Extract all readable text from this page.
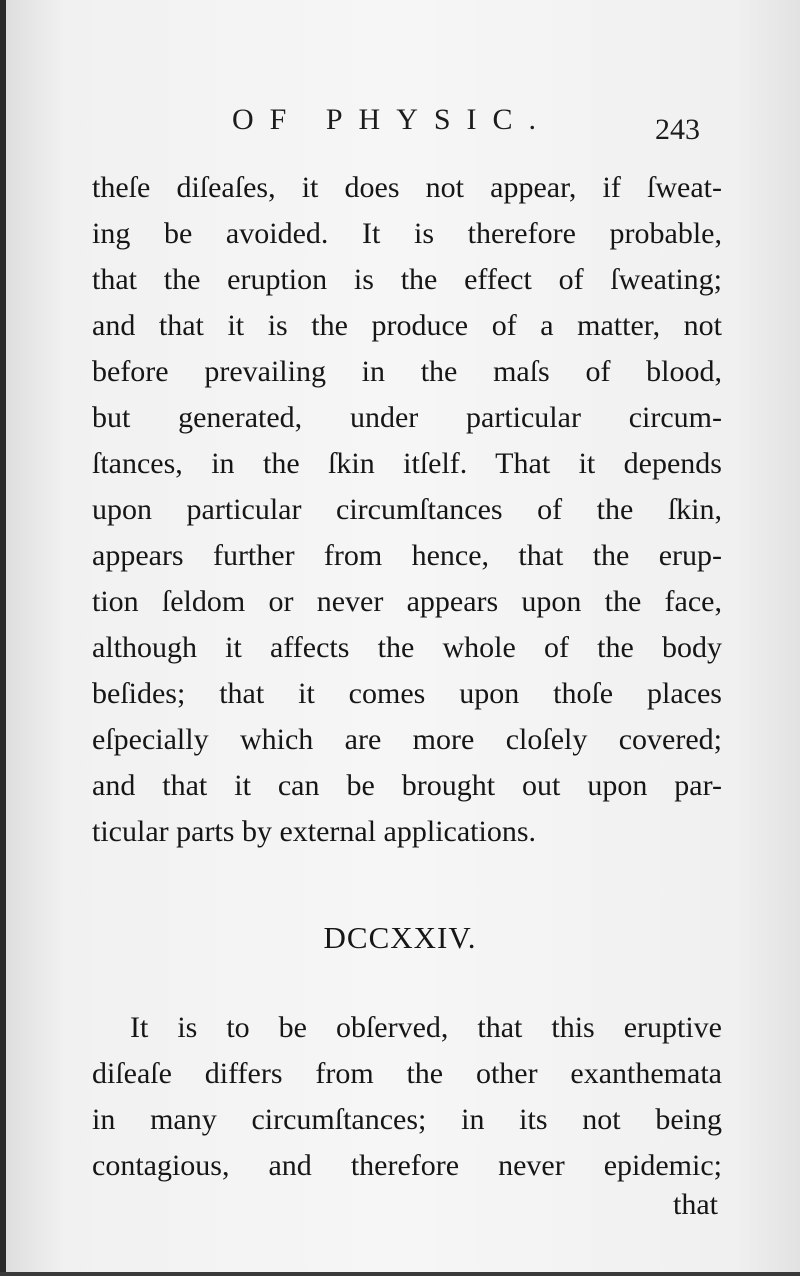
OF PHYSIC.	243
theſe diſeaſes, it does not appear, if ſweat-
ing be avoided. It is therefore probable,
that the eruption is the effect of ſweating;
and that it is the produce of a matter, not
before prevailing in the maſs of blood,
but generated, under particular circum-
ſtances, in the ſkin itſelf. That it depends
upon particular circumſtances of the ſkin,
appears further from hence, that the erup-
tion ſeldom or never appears upon the face,
although it affects the whole of the body
beſides; that it comes upon thoſe places
eſpecially which are more cloſely covered;
and that it can be brought out upon par-
ticular parts by external applications.
DCCXXIV.
It is to be obſerved, that this eruptive
diſeaſe differs from the other exanthemata
in many circumſtances; in its not being
contagious, and therefore never epidemic;
that
